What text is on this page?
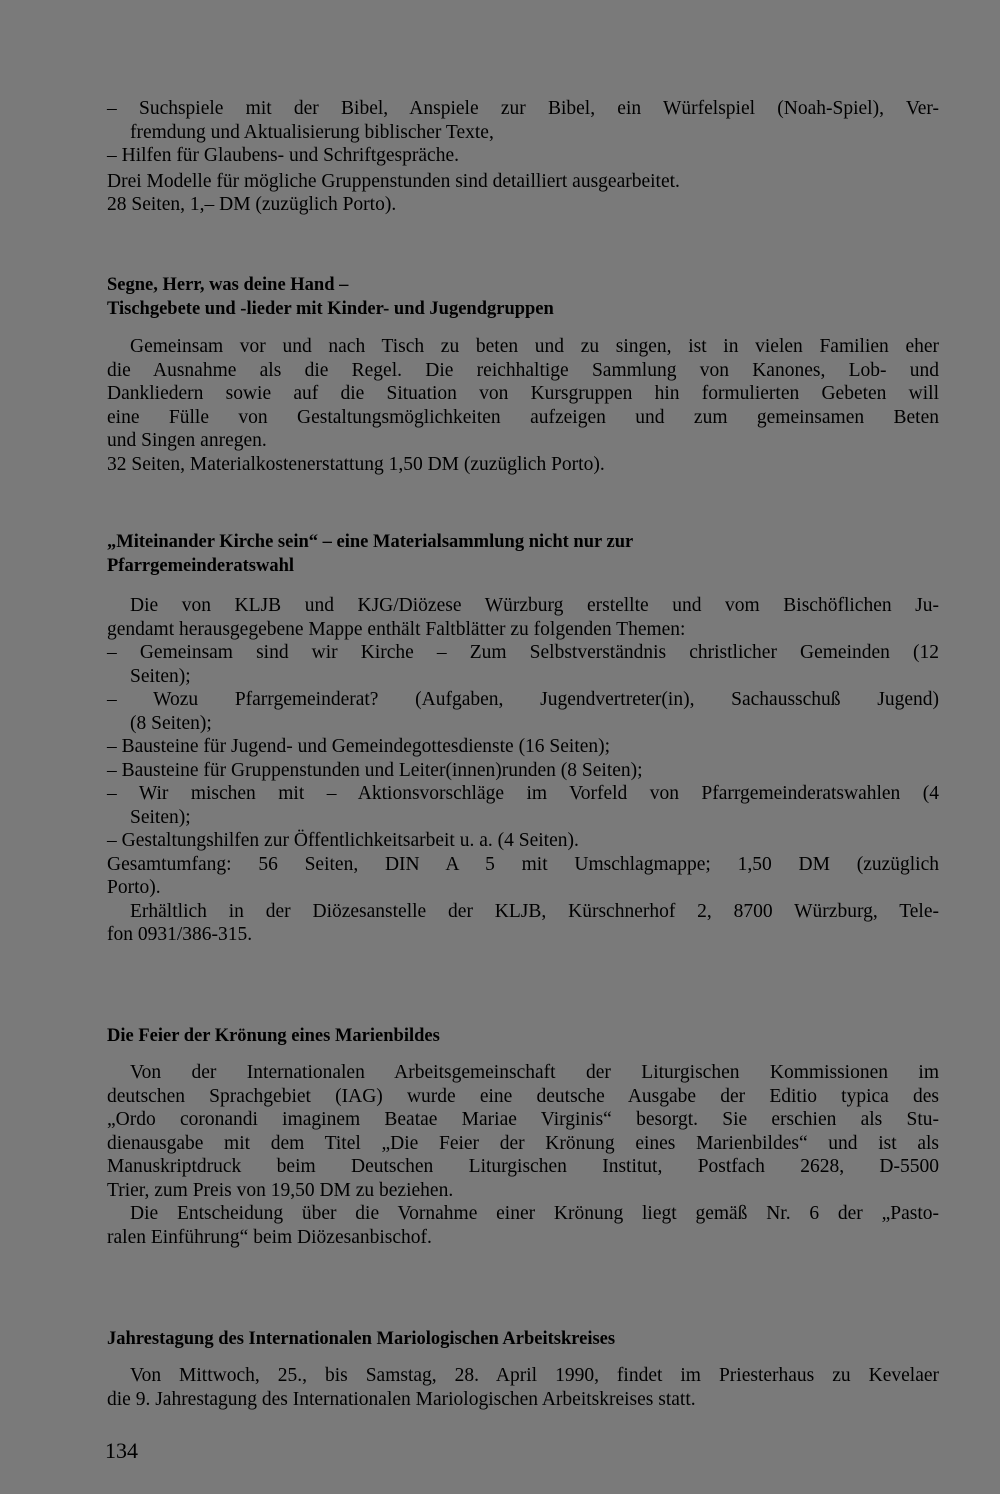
– Suchspiele mit der Bibel, Anspiele zur Bibel, ein Würfelspiel (Noah-Spiel), Ver-
fremdung und Aktualisierung biblischer Texte,
– Hilfen für Glaubens- und Schriftgespräche.
Drei Modelle für mögliche Gruppenstunden sind detailliert ausgearbeitet.
28 Seiten, 1,– DM (zuzüglich Porto).
Segne, Herr, was deine Hand –
Tischgebete und -lieder mit Kinder- und Jugendgruppen
Gemeinsam vor und nach Tisch zu beten und zu singen, ist in vielen Familien eher
die Ausnahme als die Regel. Die reichhaltige Sammlung von Kanones, Lob- und
Dankliedern sowie auf die Situation von Kursgruppen hin formulierten Gebeten will
eine Fülle von Gestaltungsmöglichkeiten aufzeigen und zum gemeinsamen Beten
und Singen anregen.
32 Seiten, Materialkostenerstattung 1,50 DM (zuzüglich Porto).
„Miteinander Kirche sein“ – eine Materialsammlung nicht nur zur
Pfarrgemeinderatswahl
Die von KLJB und KJG/Diözese Würzburg erstellte und vom Bischöflichen Ju-
gendamt herausgegebene Mappe enthält Faltblätter zu folgenden Themen:
– Gemeinsam sind wir Kirche – Zum Selbstverständnis christlicher Gemeinden (12
Seiten);
– Wozu Pfarrgemeinderat? (Aufgaben, Jugendvertreter(in), Sachausschuß Jugend)
(8 Seiten);
– Bausteine für Jugend- und Gemeindegottesdienste (16 Seiten);
– Bausteine für Gruppenstunden und Leiter(innen)runden (8 Seiten);
– Wir mischen mit – Aktionsvorschläge im Vorfeld von Pfarrgemeinderatswahlen (4
Seiten);
– Gestaltungshilfen zur Öffentlichkeitsarbeit u. a. (4 Seiten).
Gesamtumfang: 56 Seiten, DIN A 5 mit Umschlagmappe; 1,50 DM (zuzüglich
Porto).
Erhältlich in der Diözesanstelle der KLJB, Kürschnerhof 2, 8700 Würzburg, Tele-
fon 0931/386-315.
Die Feier der Krönung eines Marienbildes
Von der Internationalen Arbeitsgemeinschaft der Liturgischen Kommissionen im
deutschen Sprachgebiet (IAG) wurde eine deutsche Ausgabe der Editio typica des
„Ordo coronandi imaginem Beatae Mariae Virginis“ besorgt. Sie erschien als Stu-
dienausgabe mit dem Titel „Die Feier der Krönung eines Marienbildes“ und ist als
Manuskriptdruck beim Deutschen Liturgischen Institut, Postfach 2628, D-5500
Trier, zum Preis von 19,50 DM zu beziehen.
Die Entscheidung über die Vornahme einer Krönung liegt gemäß Nr. 6 der „Pasto-
ralen Einführung“ beim Diözesanbischof.
Jahrestagung des Internationalen Mariologischen Arbeitskreises
Von Mittwoch, 25., bis Samstag, 28. April 1990, findet im Priesterhaus zu Kevelaer
die 9. Jahrestagung des Internationalen Mariologischen Arbeitskreises statt.
134
